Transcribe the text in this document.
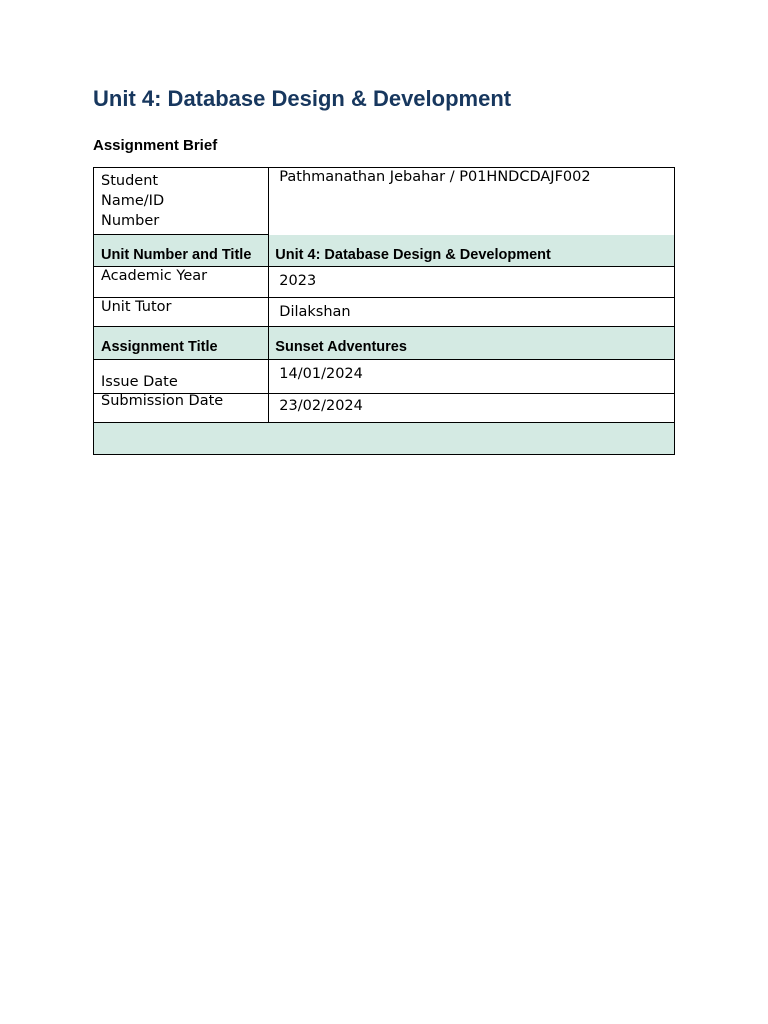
Unit 4: Database Design & Development
Assignment Brief
Student
Name/ID
Number	Pathmanathan Jebahar / P01HNDCDAJF002

Unit Number and Title	Unit 4: Database Design & Development

Academic Year	2023

Unit Tutor	Dilakshan

Assignment Title	Sunset Adventures

Issue Date	14/01/2024

Submission Date	23/02/2024
